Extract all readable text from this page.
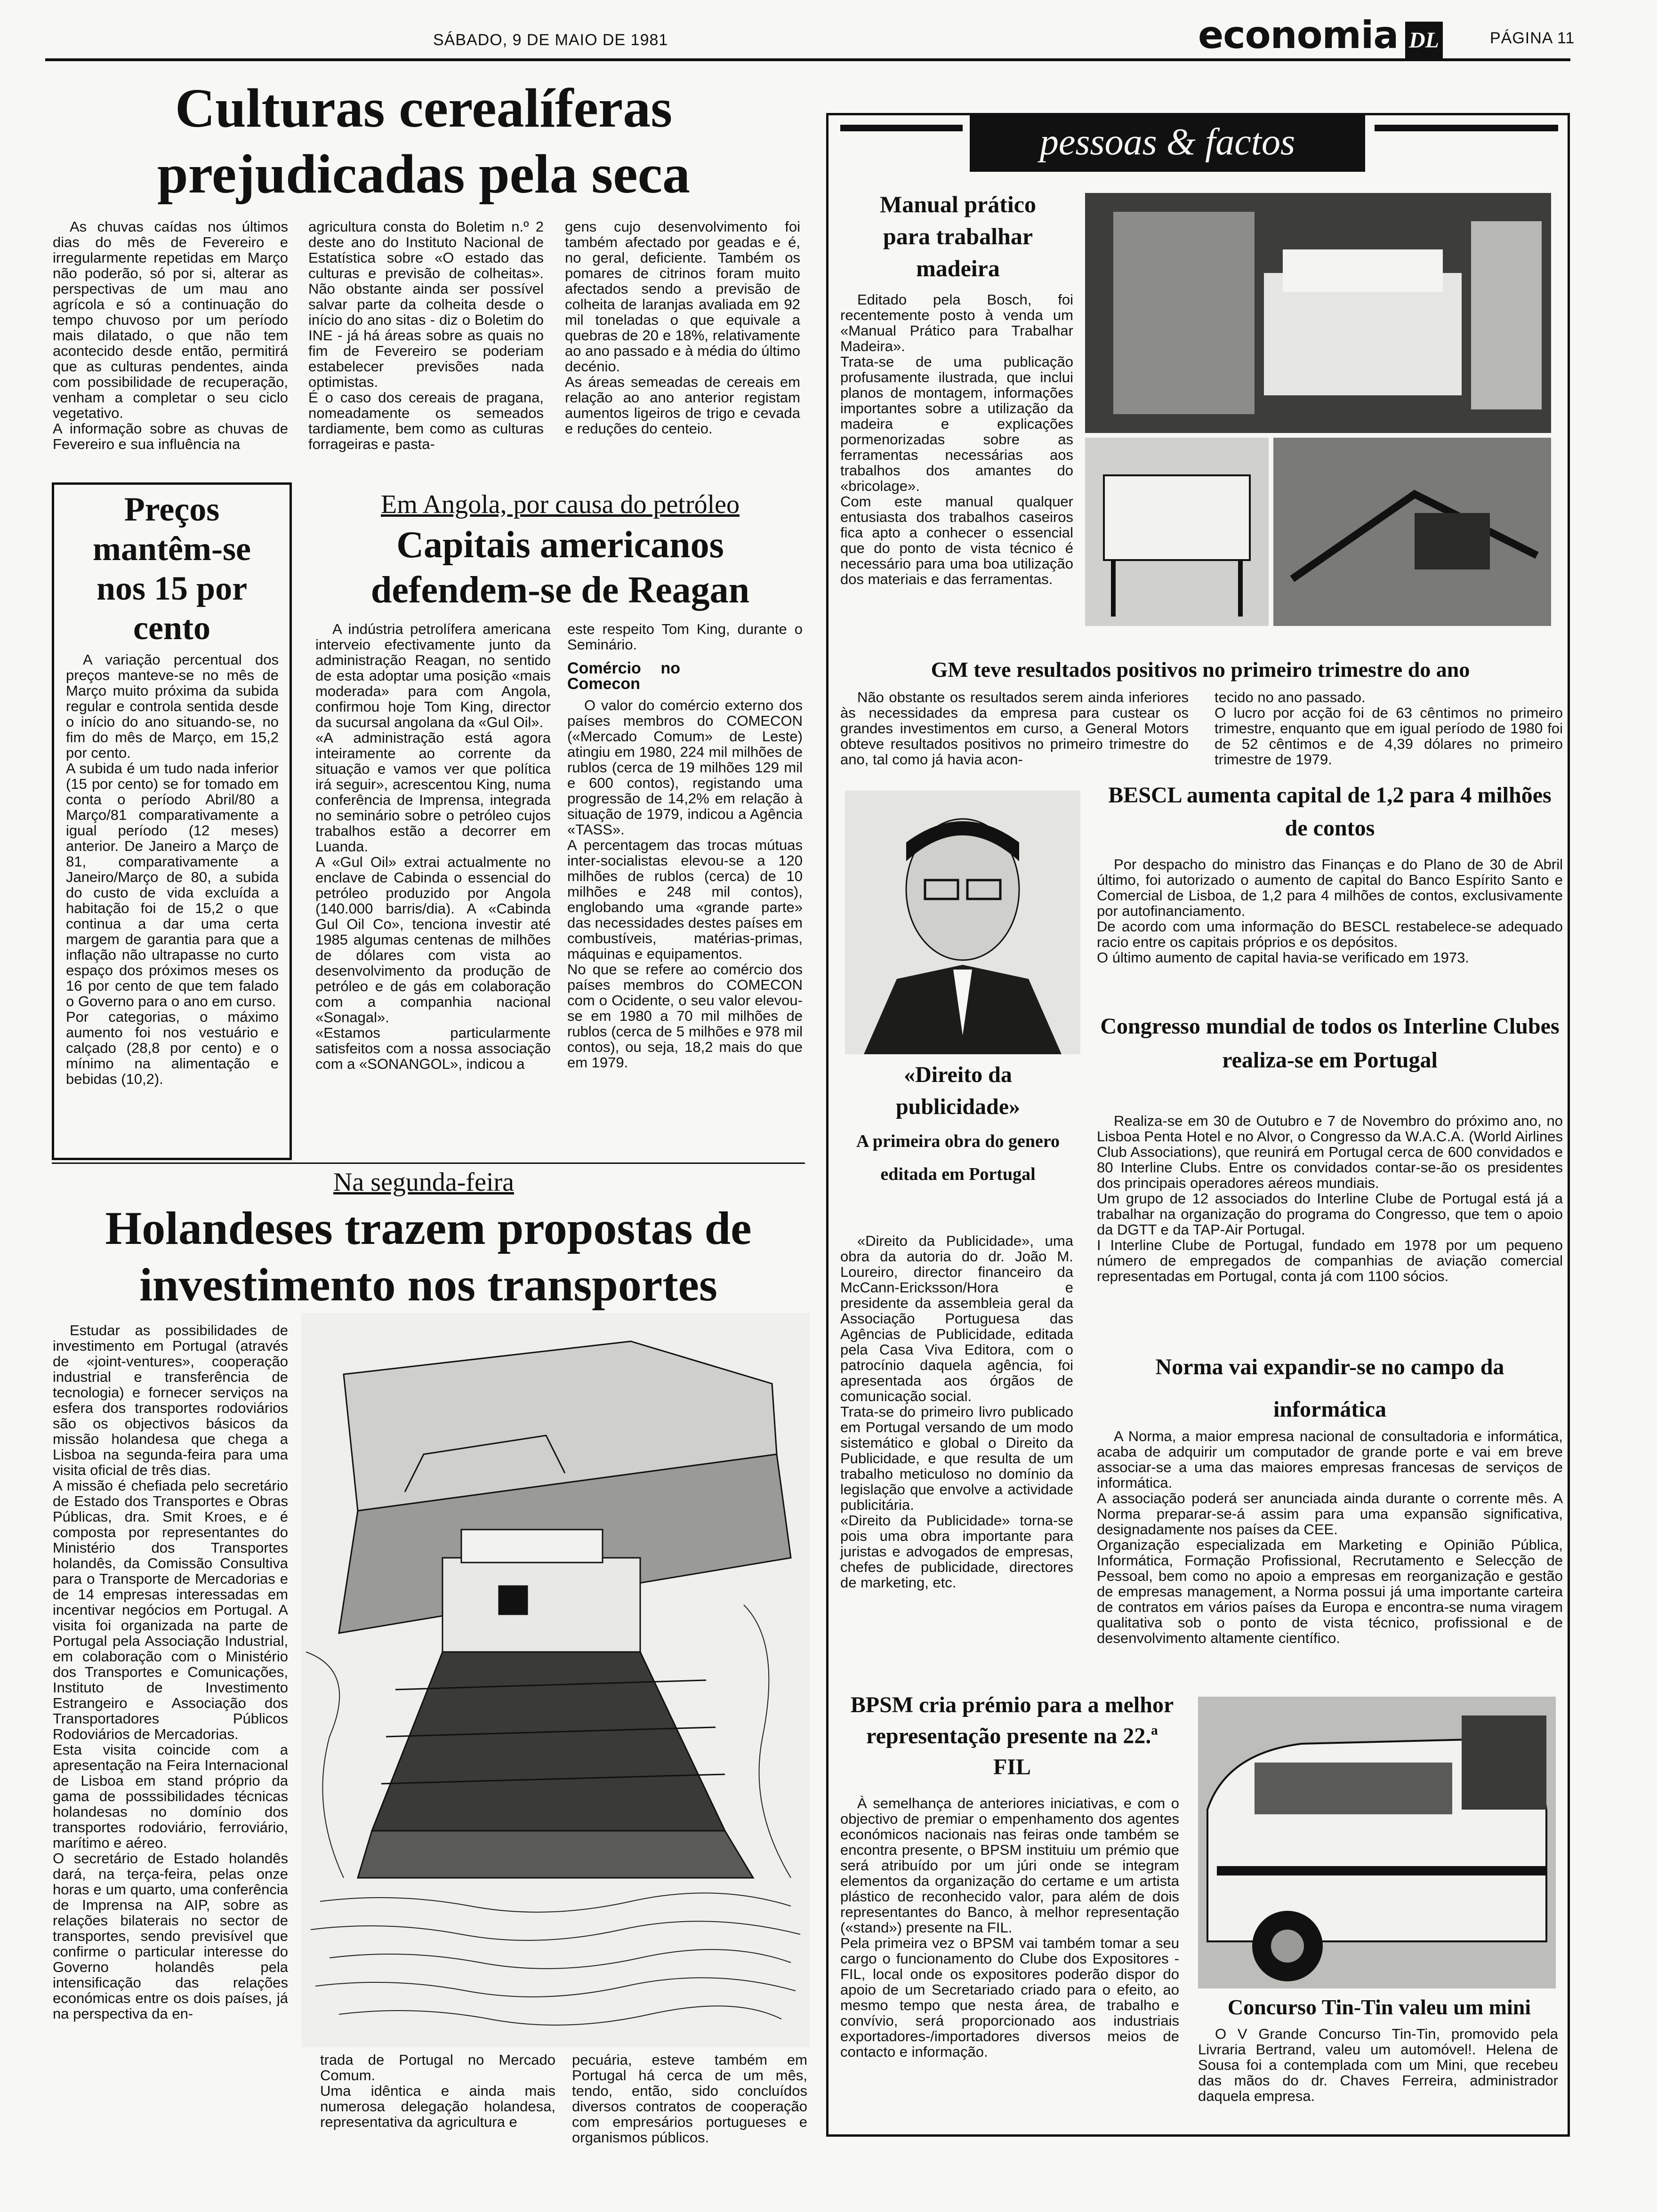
SÁBADO, 9 DE MAIO DE 1981	economia DL	PÁGINA 11
Culturas cerealíferas prejudicadas pela seca

As chuvas caídas nos últimos dias do mês de Fevereiro e irregularmente repetidas em Março não poderão, só por si, alterar as perspectivas de um mau ano agrícola e só a continuação do tempo chuvoso por um período mais dilatado, o que não tem acontecido desde então, permitirá que as culturas pendentes, ainda com possibilidade de recuperação, venham a completar o seu ciclo vegetativo.
A informação sobre as chuvas de Fevereiro e sua influência na

agricultura consta do Boletim n.º 2 deste ano do Instituto Nacional de Estatística sobre «O estado das culturas e previsão de colheitas». Não obstante ainda ser possível salvar parte da colheita desde o início do ano sitas - diz o Boletim do INE - já há áreas sobre as quais no fim de Fevereiro se poderiam estabelecer previsões nada optimistas.
É o caso dos cereais de pragana, nomeadamente os semeados tardiamente, bem como as culturas forrageiras e pasta-

gens cujo desenvolvimento foi também afectado por geadas e é, no geral, deficiente. Também os pomares de citrinos foram muito afectados sendo a previsão de colheita de laranjas avaliada em 92 mil toneladas o que equivale a quebras de 20 e 18%, relativamente ao ano passado e à média do último decénio.
As áreas semeadas de cereais em relação ao ano anterior registam aumentos ligeiros de trigo e cevada e reduções do centeio.

Preços mantêm-se nos 15 por cento

A variação percentual dos preços manteve-se no mês de Março muito próxima da subida regular e controla sentida desde o início do ano situando-se, no fim do mês de Março, em 15,2 por cento.
A subida é um tudo nada inferior (15 por cento) se for tomado em conta o período Abril/80 a Março/81 comparativamente a igual período (12 meses) anterior. De Janeiro a Março de 81, comparativamente a Janeiro/Março de 80, a subida do custo de vida excluída a habitação foi de 15,2 o que continua a dar uma certa margem de garantia para que a inflação não ultrapasse no curto espaço dos próximos meses os 16 por cento de que tem falado o Governo para o ano em curso.
Por categorias, o máximo aumento foi nos vestuário e calçado (28,8 por cento) e o mínimo na alimentação e bebidas (10,2).

Em Angola, por causa do petróleo
Capitais americanos defendem-se de Reagan

A indústria petrolífera americana interveio efectivamente junto da administração Reagan, no sentido de esta adoptar uma posição «mais moderada» para com Angola, confirmou hoje Tom King, director da sucursal angolana da «Gul Oil».
«A administração está agora inteiramente ao corrente da situação e vamos ver que política irá seguir», acrescentou King, numa conferência de Imprensa, integrada no seminário sobre o petróleo cujos trabalhos estão a decorrer em Luanda.
A «Gul Oil» extrai actualmente no enclave de Cabinda o essencial do petróleo produzido por Angola (140.000 barris/dia). A «Cabinda Gul Oil Co», tenciona investir até 1985 algumas centenas de milhões de dólares com vista ao desenvolvimento da produção de petróleo e de gás em colaboração com a companhia nacional «Sonagal».
«Estamos particularmente satisfeitos com a nossa associação com a «SONANGOL», indicou a

este respeito Tom King, durante o Seminário.

Comércio no Comecon

O valor do comércio externo dos países membros do COMECON («Mercado Comum» de Leste) atingiu em 1980, 224 mil milhões de rublos (cerca de 19 milhões 129 mil e 600 contos), registando uma progressão de 14,2% em relação à situação de 1979, indicou a Agência «TASS».
A percentagem das trocas mútuas inter-socialistas elevou-se a 120 milhões de rublos (cerca) de 10 milhões e 248 mil contos), englobando uma «grande parte» das necessidades destes países em combustíveis, matérias-primas, máquinas e equipamentos.
No que se refere ao comércio dos países membros do COMECON com o Ocidente, o seu valor elevou-se em 1980 a 70 mil milhões de rublos (cerca de 5 milhões e 978 mil contos), ou seja, 18,2 mais do que em 1979.

Na segunda-feira
Holandeses trazem propostas de investimento nos transportes

Estudar as possibilidades de investimento em Portugal (através de «joint-ventures», cooperação industrial e transferência de tecnologia) e fornecer serviços na esfera dos transportes rodoviários são os objectivos básicos da missão holandesa que chega a Lisboa na segunda-feira para uma visita oficial de três dias.
A missão é chefiada pelo secretário de Estado dos Transportes e Obras Públicas, dra. Smit Kroes, e é composta por representantes do Ministério dos Transportes holandês, da Comissão Consultiva para o Transporte de Mercadorias e de 14 empresas interessadas em incentivar negócios em Portugal. A visita foi organizada na parte de Portugal pela Associação Industrial, em colaboração com o Ministério dos Transportes e Comunicações, Instituto de Investimento Estrangeiro e Associação dos Transportadores Públicos Rodoviários de Mercadorias.
Esta visita coincide com a apresentação na Feira Internacional de Lisboa em stand próprio da gama de posssibilidades técnicas holandesas no domínio dos transportes rodoviário, ferroviário, marítimo e aéreo.
O secretário de Estado holandês dará, na terça-feira, pelas onze horas e um quarto, uma conferência de Imprensa na AIP, sobre as relações bilaterais no sector de transportes, sendo previsível que confirme o particular interesse do Governo holandês pela intensificação das relações económicas entre os dois países, já na perspectiva da en-

trada de Portugal no Mercado Comum.
Uma idêntica e ainda mais numerosa delegação holandesa, representativa da agricultura e

pecuária, esteve também em Portugal há cerca de um mês, tendo, então, sido concluídos diversos contratos de cooperação com empresários portugueses e organismos públicos.

pessoas & factos
Manual prático para trabalhar madeira

Editado pela Bosch, foi recentemente posto à venda um «Manual Prático para Trabalhar Madeira».
Trata-se de uma publicação profusamente ilustrada, que inclui planos de montagem, informações importantes sobre a utilização da madeira e explicações pormenorizadas sobre as ferramentas necessárias aos trabalhos dos amantes do «bricolage».
Com este manual qualquer entusiasta dos trabalhos caseiros fica apto a conhecer o essencial que do ponto de vista técnico é necessário para uma boa utilização dos materiais e das ferramentas.

GM teve resultados positivos no primeiro trimestre do ano

Não obstante os resultados serem ainda inferiores às necessidades da empresa para custear os grandes investimentos em curso, a General Motors obteve resultados positivos no primeiro trimestre do ano, tal como já havia acon-

tecido no ano passado.
O lucro por acção foi de 63 cêntimos no primeiro trimestre, enquanto que em igual período de 1980 foi de 52 cêntimos e de 4,39 dólares no primeiro trimestre de 1979.

«Direito da publicidade»
A primeira obra do genero editada em Portugal

«Direito da Publicidade», uma obra da autoria do dr. João M. Loureiro, director financeiro da McCann-Ericksson/Hora e presidente da assembleia geral da Associação Portuguesa das Agências de Publicidade, editada pela Casa Viva Editora, com o patrocínio daquela agência, foi apresentada aos órgãos de comunicação social.
Trata-se do primeiro livro publicado em Portugal versando de um modo sistemático e global o Direito da Publicidade, e que resulta de um trabalho meticuloso no domínio da legislação que envolve a actividade publicitária.
«Direito da Publicidade» torna-se pois uma obra importante para juristas e advogados de empresas, chefes de publicidade, directores de marketing, etc.

BESCL aumenta capital de 1,2 para 4 milhões de contos

Por despacho do ministro das Finanças e do Plano de 30 de Abril último, foi autorizado o aumento de capital do Banco Espírito Santo e Comercial de Lisboa, de 1,2 para 4 milhões de contos, exclusivamente por autofinanciamento.
De acordo com uma informação do BESCL restabelece-se adequado racio entre os capitais próprios e os depósitos.
O último aumento de capital havia-se verificado em 1973.

Congresso mundial de todos os Interline Clubes realiza-se em Portugal

Realiza-se em 30 de Outubro e 7 de Novembro do próximo ano, no Lisboa Penta Hotel e no Alvor, o Congresso da W.A.C.A. (World Airlines Club Associations), que reunirá em Portugal cerca de 600 convidados e 80 Interline Clubs. Entre os convidados contar-se-ão os presidentes dos principais operadores aéreos mundiais.
Um grupo de 12 associados do Interline Clube de Portugal está já a trabalhar na organização do programa do Congresso, que tem o apoio da DGTT e da TAP-Air Portugal.
I Interline Clube de Portugal, fundado em 1978 por um pequeno número de empregados de companhias de aviação comercial representadas em Portugal, conta já com 1100 sócios.

Norma vai expandir-se no campo da informática

A Norma, a maior empresa nacional de consultadoria e informática, acaba de adquirir um computador de grande porte e vai em breve associar-se a uma das maiores empresas francesas de serviços de informática.
A associação poderá ser anunciada ainda durante o corrente mês. A Norma preparar-se-á assim para uma expansão significativa, designadamente nos países da CEE.
Organização especializada em Marketing e Opinião Pública, Informática, Formação Profissional, Recrutamento e Selecção de Pessoal, bem como no apoio a empresas em reorganização e gestão de empresas management, a Norma possui já uma importante carteira de contratos em vários países da Europa e encontra-se numa viragem qualitativa sob o ponto de vista técnico, profissional e de desenvolvimento altamente científico.

BPSM cria prémio para a melhor representação presente na 22.ª FIL

À semelhança de anteriores iniciativas, e com o objectivo de premiar o empenhamento dos agentes económicos nacionais nas feiras onde também se encontra presente, o BPSM instituiu um prémio que será atribuído por um júri onde se integram elementos da organização do certame e um artista plástico de reconhecido valor, para além de dois representantes do Banco, à melhor representação («stand») presente na FIL.
Pela primeira vez o BPSM vai também tomar a seu cargo o funcionamento do Clube dos Expositores - FIL, local onde os expositores poderão dispor do apoio de um Secretariado criado para o efeito, ao mesmo tempo que nesta área, de trabalho e convívio, será proporcionado aos industriais exportadores-/importadores diversos meios de contacto e informação.

Concurso Tin-Tin valeu um mini

O V Grande Concurso Tin-Tin, promovido pela Livraria Bertrand, valeu um automóvel!. Helena de Sousa foi a contemplada com um Mini, que recebeu das mãos do dr. Chaves Ferreira, administrador daquela empresa.
